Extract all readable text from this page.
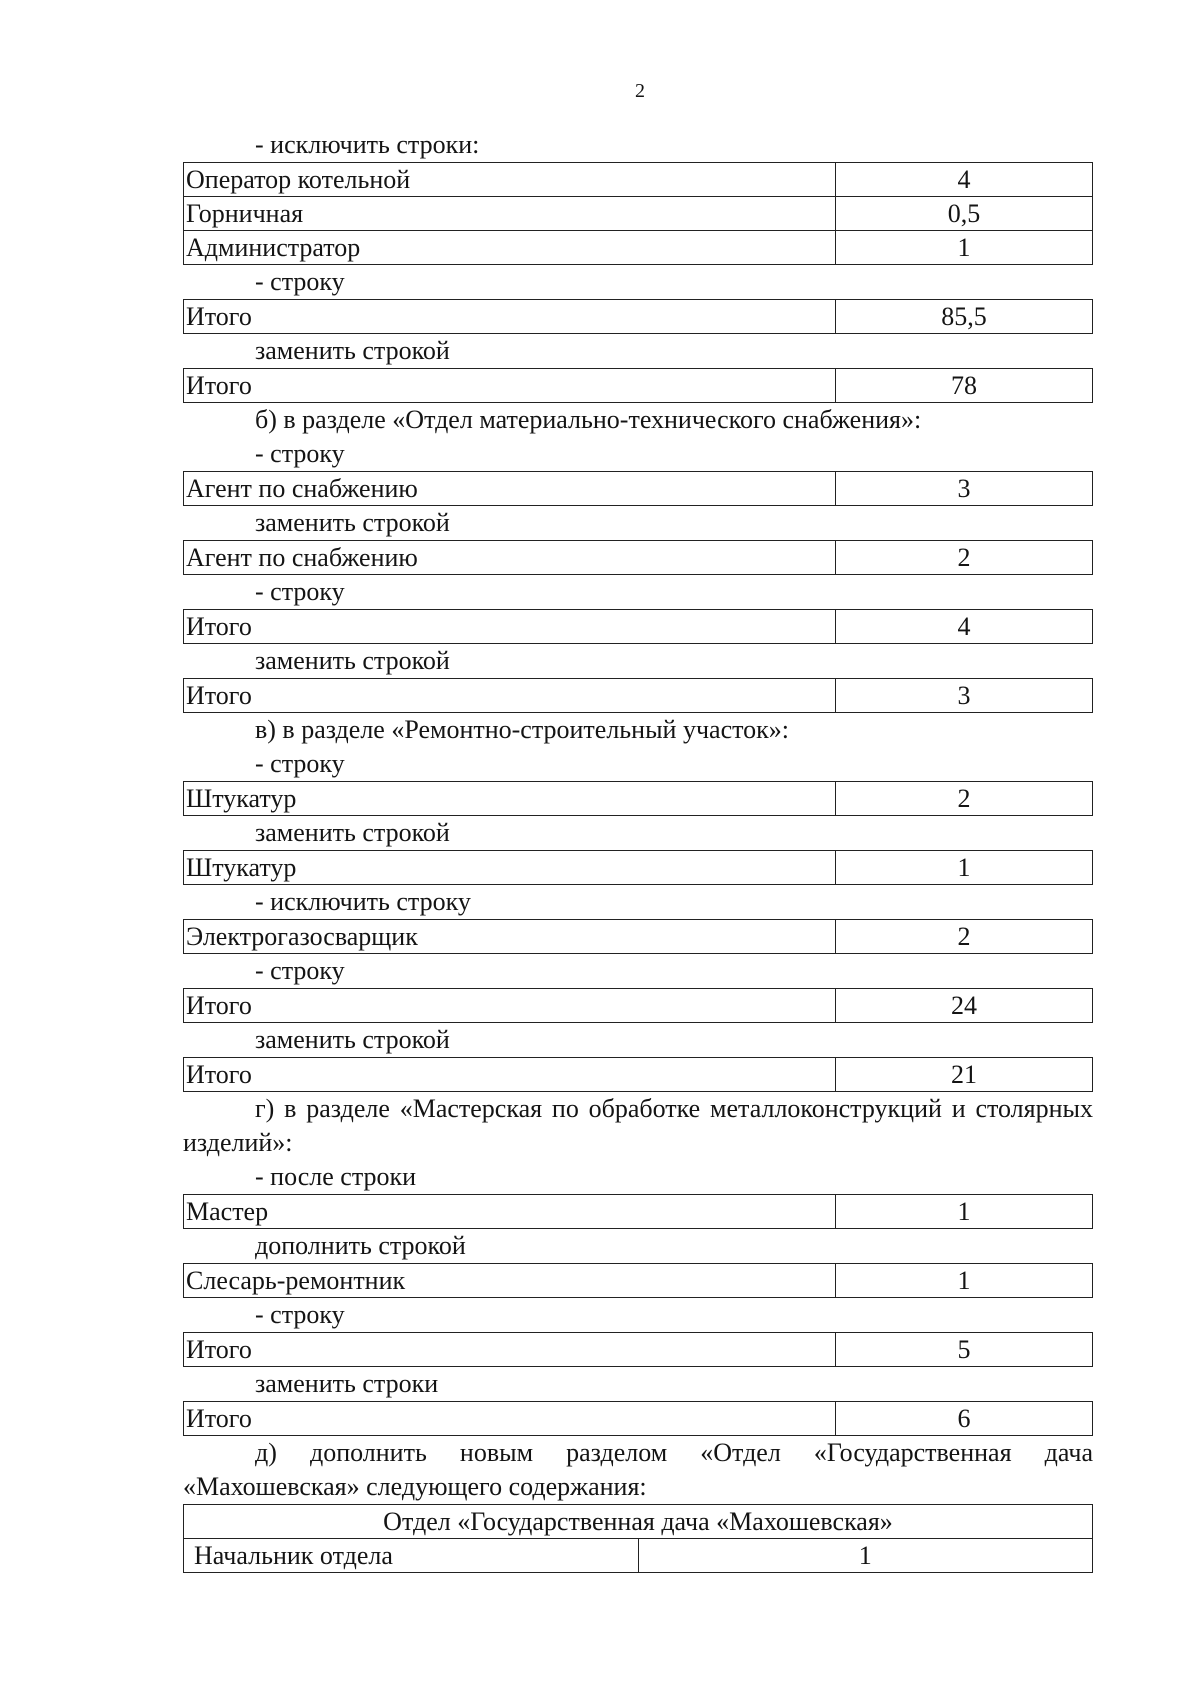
2
- исключить строки:
Оператор котельной	4
Горничная	0,5
Администратор	1
- строку
Итого	85,5
заменить строкой
Итого	78
б) в разделе «Отдел материально-технического снабжения»:
- строку
Агент по снабжению	3
заменить строкой
Агент по снабжению	2
- строку
Итого	4
заменить строкой
Итого	3
в) в разделе «Ремонтно-строительный участок»:
- строку
Штукатур	2
заменить строкой
Штукатур	1
- исключить строку
Электрогазосварщик	2
- строку
Итого	24
заменить строкой
Итого	21
г) в разделе «Мастерская по обработке металлоконструкций и столярных изделий»:
- после строки
Мастер	1
дополнить строкой
Слесарь-ремонтник	1
- строку
Итого	5
заменить строки
Итого	6
д) дополнить новым разделом «Отдел «Государственная дача «Махошевская» следующего содержания:
Отдел «Государственная дача «Махошевская»
Начальник отдела	1
